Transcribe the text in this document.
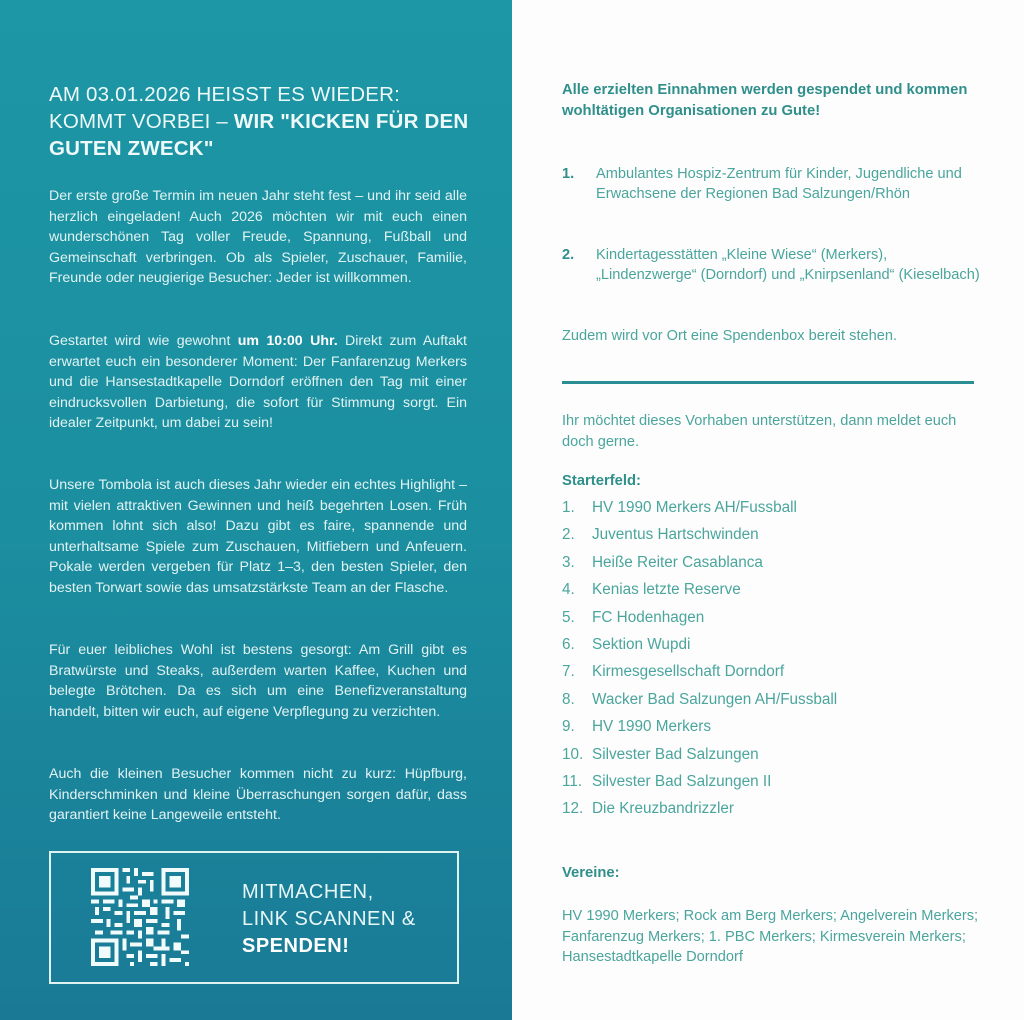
AM 03.01.2026 HEISST ES WIEDER:
KOMMT VORBEI – WIR "KICKEN FÜR DEN GUTEN ZWECK"
Der erste große Termin im neuen Jahr steht fest – und ihr seid alle herzlich eingeladen! Auch 2026 möchten wir mit euch einen wunderschönen Tag voller Freude, Spannung, Fußball und Gemeinschaft verbringen. Ob als Spieler, Zuschauer, Familie, Freunde oder neugierige Besucher: Jeder ist willkommen.
Gestartet wird wie gewohnt um 10:00 Uhr. Direkt zum Auftakt erwartet euch ein besonderer Moment: Der Fanfarenzug Merkers und die Hansestadtkapelle Dorndorf eröffnen den Tag mit einer eindrucksvollen Darbietung, die sofort für Stimmung sorgt. Ein idealer Zeitpunkt, um dabei zu sein!
Unsere Tombola ist auch dieses Jahr wieder ein echtes Highlight – mit vielen attraktiven Gewinnen und heiß begehrten Losen. Früh kommen lohnt sich also! Dazu gibt es faire, spannende und unterhaltsame Spiele zum Zuschauen, Mitfiebern und Anfeuern. Pokale werden vergeben für Platz 1–3, den besten Spieler, den besten Torwart sowie das umsatzstärkste Team an der Flasche.
Für euer leibliches Wohl ist bestens gesorgt: Am Grill gibt es Bratwürste und Steaks, außerdem warten Kaffee, Kuchen und belegte Brötchen. Da es sich um eine Benefizveranstaltung handelt, bitten wir euch, auf eigene Verpflegung zu verzichten.
Auch die kleinen Besucher kommen nicht zu kurz: Hüpfburg, Kinderschminken und kleine Überraschungen sorgen dafür, dass garantiert keine Langeweile entsteht.
MITMACHEN,
LINK SCANNEN &
SPENDEN!
Alle erzielten Einnahmen werden gespendet und kommen wohltätigen Organisationen zu Gute!
1. Ambulantes Hospiz-Zentrum für Kinder, Jugendliche und Erwachsene der Regionen Bad Salzungen/Rhön
2. Kindertagesstätten „Kleine Wiese“ (Merkers), „Lindenzwerge“ (Dorndorf) und „Knirpsenland“ (Kieselbach)
Zudem wird vor Ort eine Spendenbox bereit stehen.
Ihr möchtet dieses Vorhaben unterstützen, dann meldet euch doch gerne.
Starterfeld:
1. HV 1990 Merkers AH/Fussball
2. Juventus Hartschwinden
3. Heiße Reiter Casablanca
4. Kenias letzte Reserve
5. FC Hodenhagen
6. Sektion Wupdi
7. Kirmesgesellschaft Dorndorf
8. Wacker Bad Salzungen AH/Fussball
9. HV 1990 Merkers
10. Silvester Bad Salzungen
11. Silvester Bad Salzungen II
12. Die Kreuzbandrizzler
Vereine:
HV 1990 Merkers; Rock am Berg Merkers; Angelverein Merkers; Fanfarenzug Merkers; 1. PBC Merkers; Kirmesverein Merkers; Hansestadtkapelle Dorndorf
